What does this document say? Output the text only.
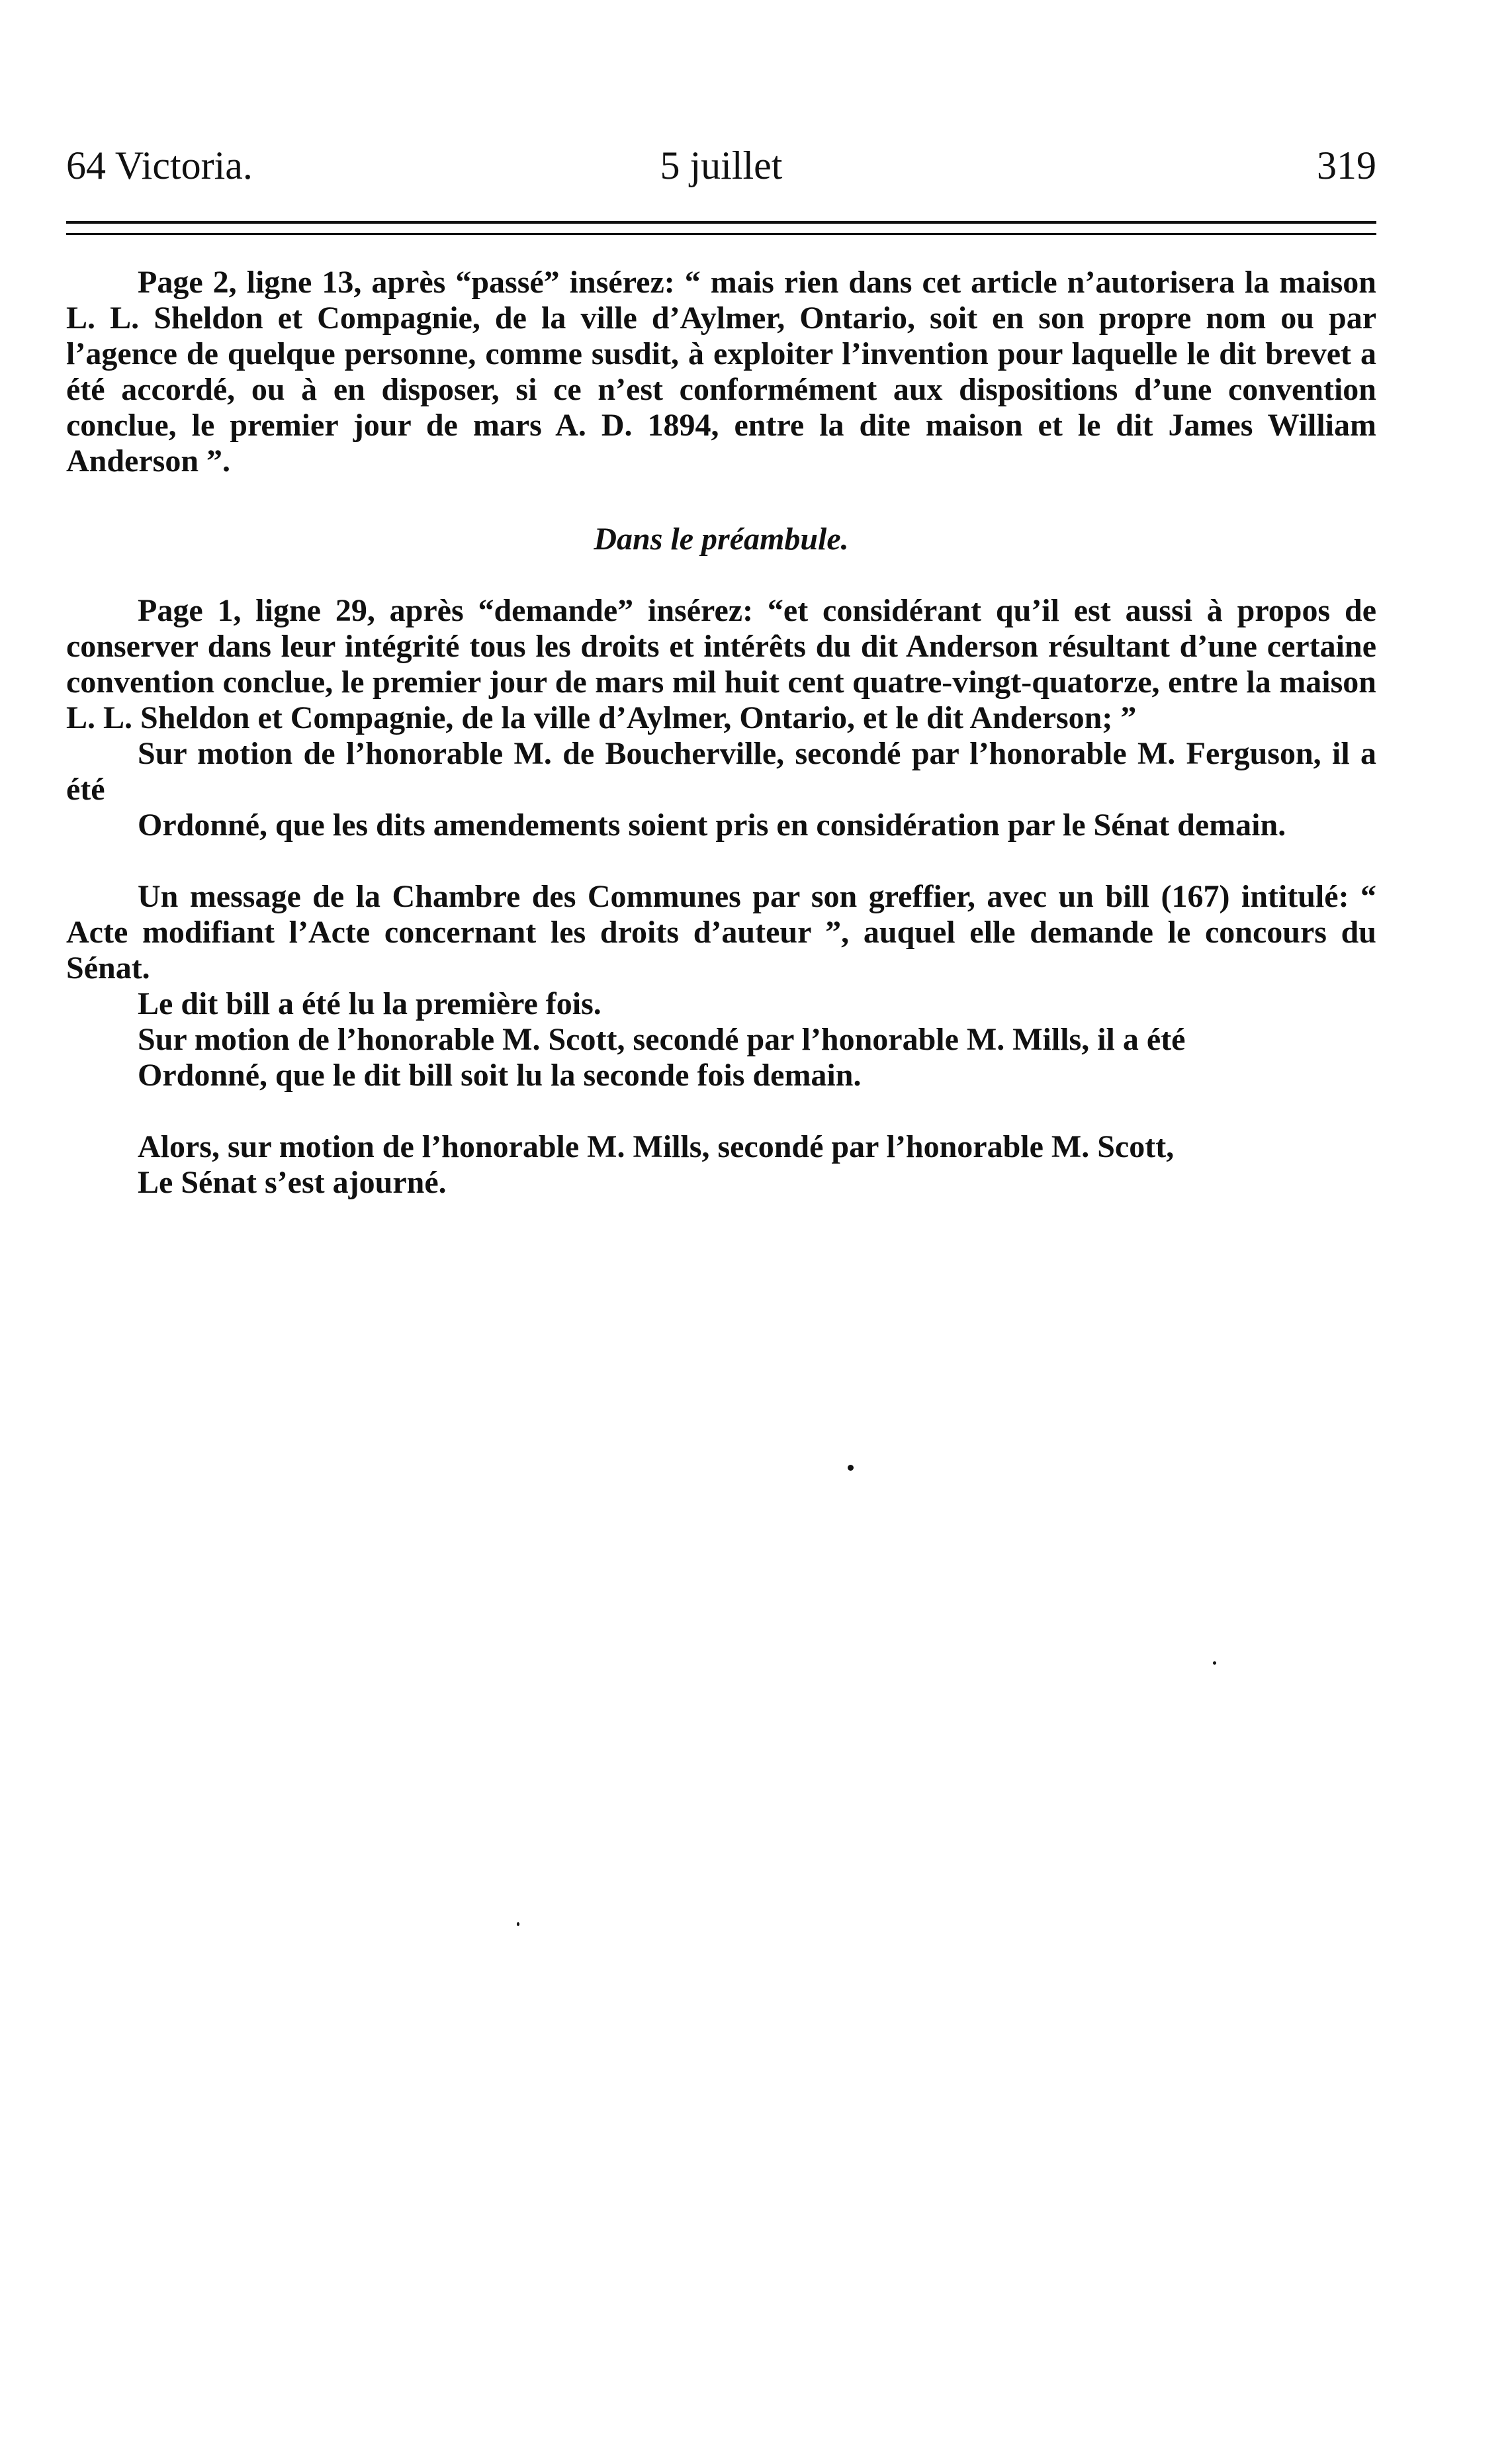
64 Victoria.	5 juillet	319

Page 2, ligne 13, après “passé” insérez: “ mais rien dans cet article n’autorisera la maison L. L. Sheldon et Compagnie, de la ville d’Aylmer, Ontario, soit en son propre nom ou par l’agence de quelque personne, comme susdit, à exploiter l’invention pour laquelle le dit brevet a été accordé, ou à en disposer, si ce n’est conformément aux dispositions d’une convention conclue, le premier jour de mars A. D. 1894, entre la dite maison et le dit James William Anderson ”.

Dans le préambule.

Page 1, ligne 29, après “demande” insérez: “et considérant qu’il est aussi à propos de conserver dans leur intégrité tous les droits et intérêts du dit Anderson résultant d’une certaine convention conclue, le premier jour de mars mil huit cent quatre-vingt-quatorze, entre la maison L. L. Sheldon et Compagnie, de la ville d’Aylmer, Ontario, et le dit Anderson; ”

Sur motion de l’honorable M. de Boucherville, secondé par l’honorable M. Ferguson, il a été

Ordonné, que les dits amendements soient pris en considération par le Sénat demain.

Un message de la Chambre des Communes par son greffier, avec un bill (167) intitulé: “ Acte modifiant l’Acte concernant les droits d’auteur ”, auquel elle demande le concours du Sénat.

Le dit bill a été lu la première fois.

Sur motion de l’honorable M. Scott, secondé par l’honorable M. Mills, il a été

Ordonné, que le dit bill soit lu la seconde fois demain.

Alors, sur motion de l’honorable M. Mills, secondé par l’honorable M. Scott,

Le Sénat s’est ajourné.
